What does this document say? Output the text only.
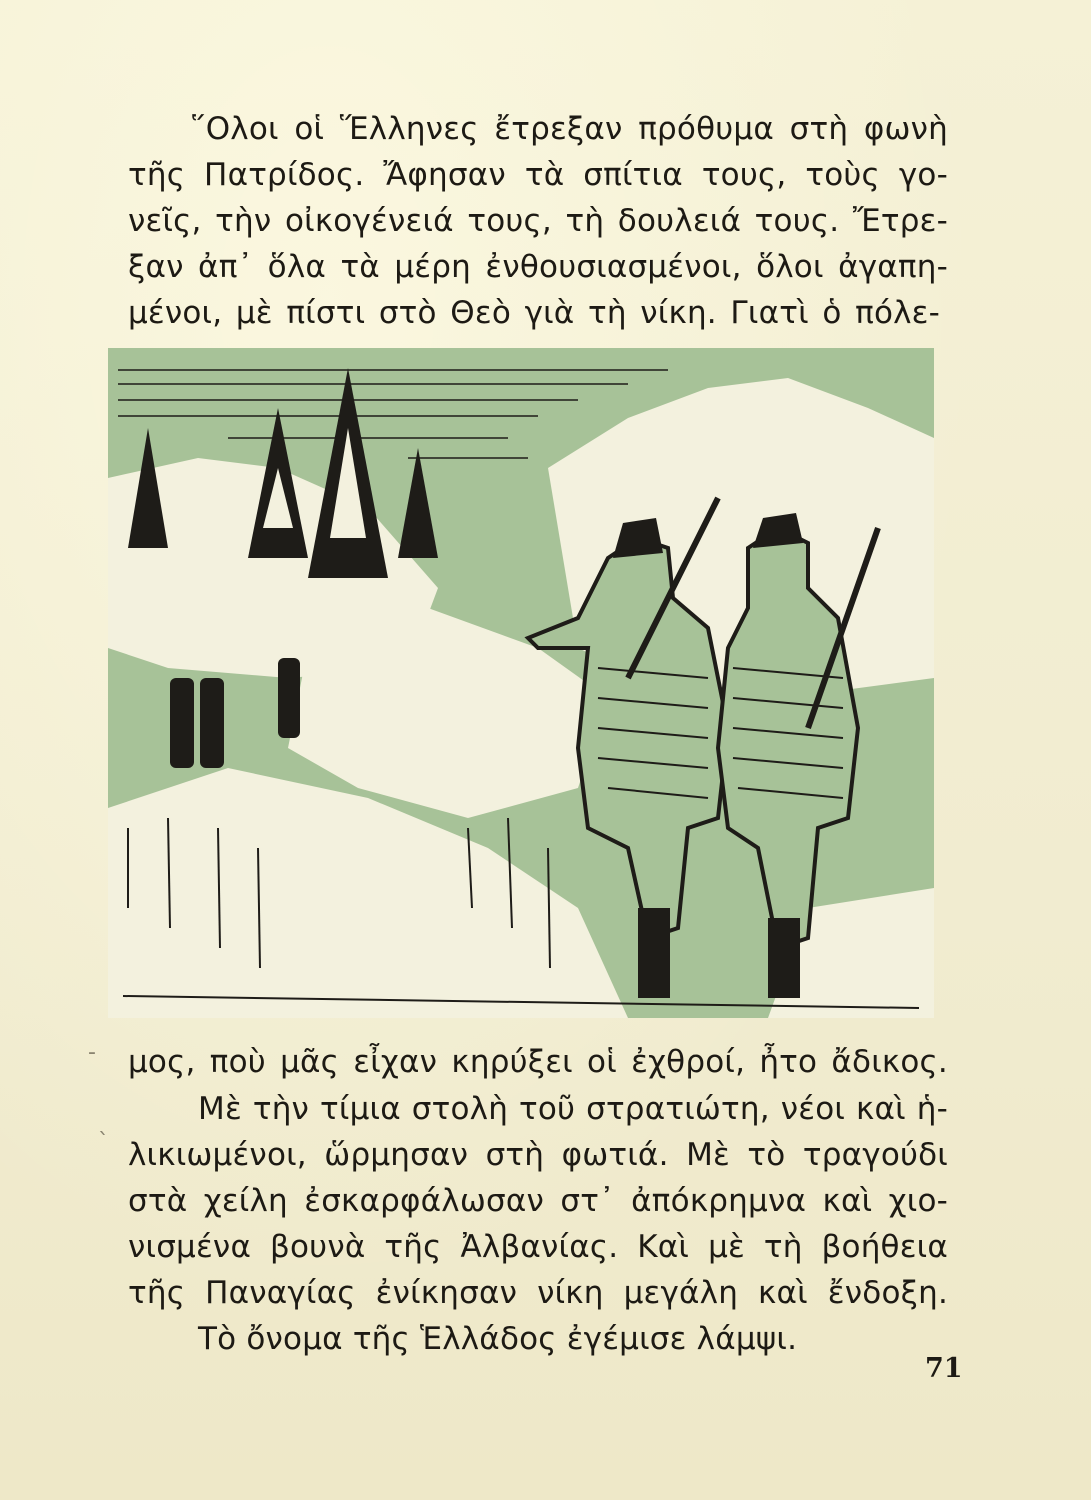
῞Ολοι οἱ Ἕλληνες ἔτρεξαν πρόθυμα στὴ φωνὴ
τῆς Πατρίδος. Ἄφησαν τὰ σπίτια τους, τοὺς γο-
νεῖς, τὴν οἰκογένειά τους, τὴ δουλειά τους. Ἔτρε-
ξαν ἀπ᾽ ὅλα τὰ μέρη ἐνθουσιασμένοι, ὅλοι ἀγαπη-
μένοι, μὲ πίστι στὸ Θεὸ γιὰ τὴ νίκη. Γιατὶ ὁ πόλε-
μος, ποὺ μᾶς εἶχαν κηρύξει οἱ ἐχθροί, ἦτο ἄδικος.
Μὲ τὴν τίμια στολὴ τοῦ στρατιώτη, νέοι καὶ ἡ-
λικιωμένοι, ὥρμησαν στὴ φωτιά. Μὲ τὸ τραγούδι
στὰ χείλη ἐσκαρφάλωσαν στ᾽ ἀπόκρημνα καὶ χιο-
νισμένα βουνὰ τῆς Ἀλβανίας. Καὶ μὲ τὴ βοήθεια
τῆς Παναγίας ἐνίκησαν νίκη μεγάλη καὶ ἔνδοξη.
Τὸ ὄνομα τῆς Ἑλλάδος ἐγέμισε λάμψι.
71
-
`
